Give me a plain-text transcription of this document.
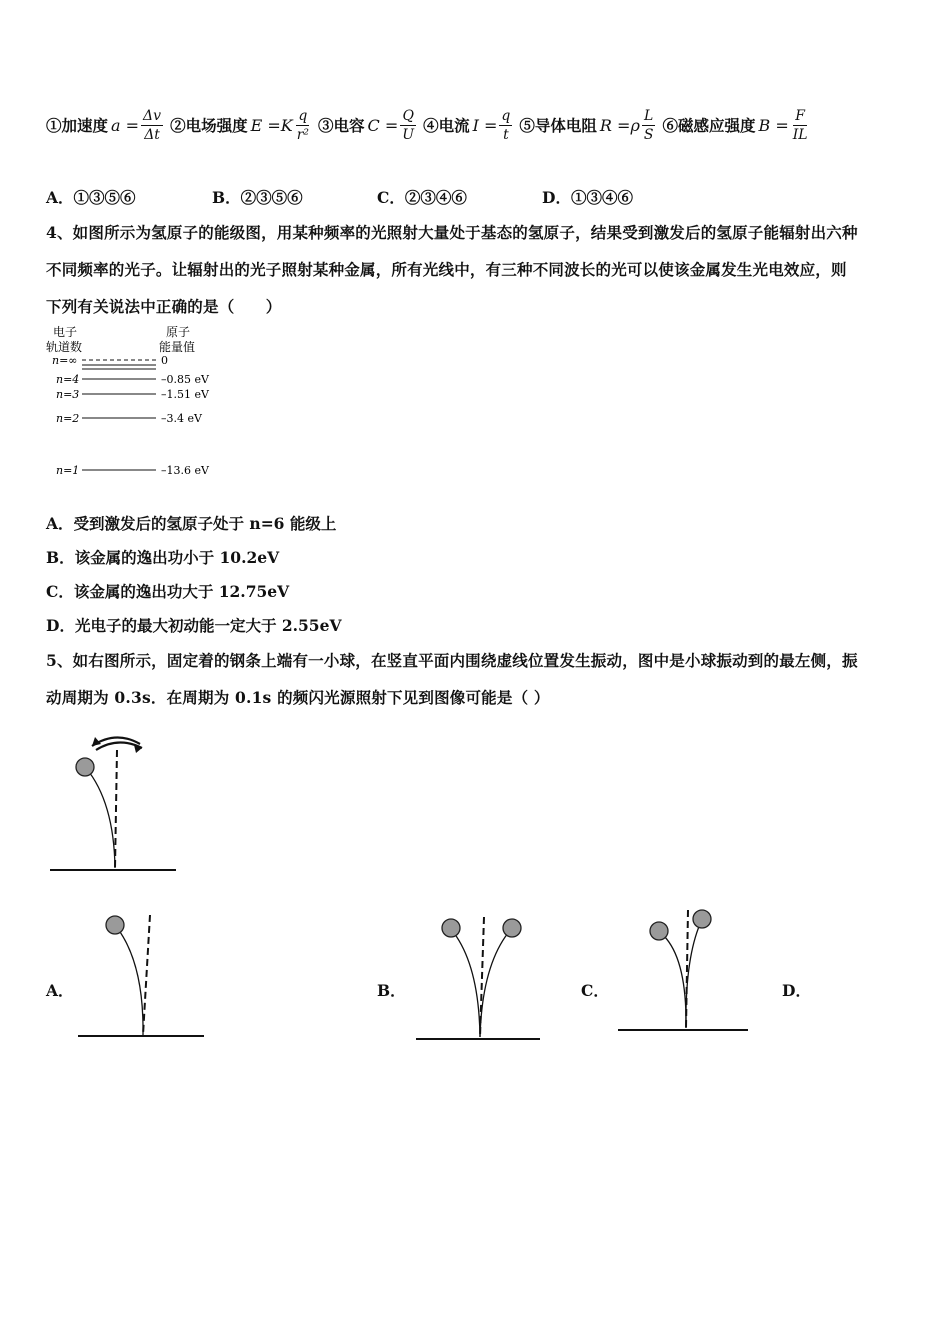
①加速度 $a = \frac{\Delta v}{\Delta t}$ ②电场强度 $E =K \frac{q}{\text{r²}}$ ③电容 $C = \frac{Q}{U}$ ④电流 $I = \frac{q}{t}$ ⑤导体电阻 $R =\rho \frac{L}{S}$ ⑥磁感应强度 $B = \frac{F}{IL}$
A．①③⑤⑥	B．②③⑤⑥	C．②③④⑥	D．①③④⑥
4、如图所示为氢原子的能级图，用某种频率的光照射大量处于基态的氢原子，结果受到激发后的氢原子能辐射出六种
不同频率的光子。让辐射出的光子照射某种金属，所有光线中，有三种不同波长的光可以使该金属发生光电效应，则
下列有关说法中正确的是（　　）
电子
轨道数
原子
能量值
n=∞	0
n=4	–0.85 eV
n=3	–1.51 eV
n=2	–3.4 eV
n=1	–13.6 eV
A．受到激发后的氢原子处于 n=6 能级上
B．该金属的逸出功小于 10.2eV
C．该金属的逸出功大于 12.75eV
D．光电子的最大初动能一定大于 2.55eV
5、如右图所示，固定着的钢条上端有一小球，在竖直平面内围绕虚线位置发生振动，图中是小球振动到的最左侧，振
动周期为 0.3s．在周期为 0.1s 的频闪光源照射下见到图像可能是（ ）
A．	B．	C．	D．
